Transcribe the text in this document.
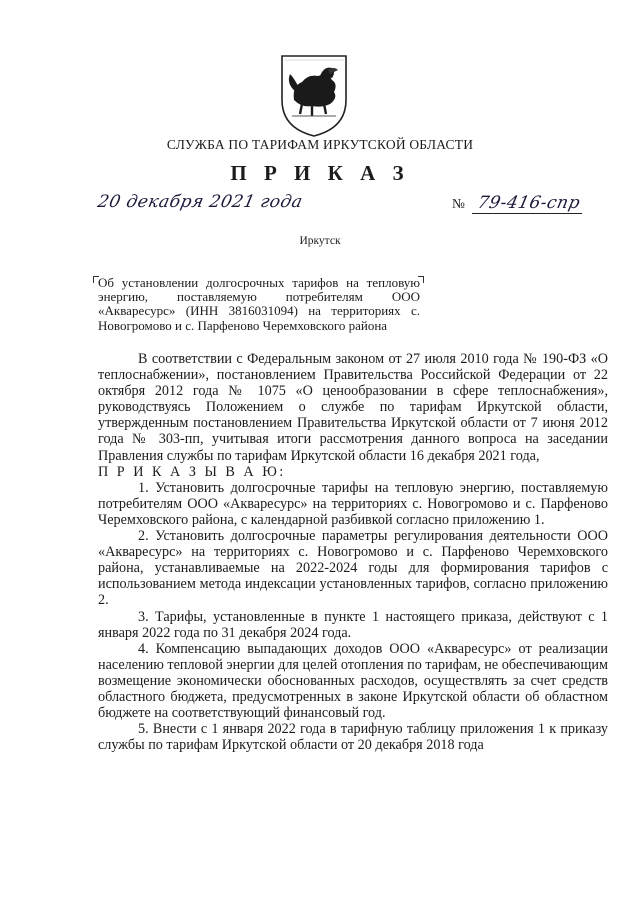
СЛУЖБА ПО ТАРИФАМ ИРКУТСКОЙ ОБЛАСТИ
П Р И К А З
20 декабря 2021 года	№ 79-416-спр
Иркутск
Об установлении долгосрочных тарифов на тепловую энергию, поставляемую потребителям ООО «Акваресурс» (ИНН 3816031094) на территориях с. Новогромово и с. Парфеново Черемховского района

В соответствии с Федеральным законом от 27 июля 2010 года № 190-ФЗ «О теплоснабжении», постановлением Правительства Российской Федерации от 22 октября 2012 года № 1075 «О ценообразовании в сфере теплоснабжения», руководствуясь Положением о службе по тарифам Иркутской области, утвержденным постановлением Правительства Иркутской области от 7 июня 2012 года № 303-пп, учитывая итоги рассмотрения данного вопроса на заседании Правления службы по тарифам Иркутской области 16 декабря 2021 года,

П Р И К А З Ы В А Ю:

1. Установить долгосрочные тарифы на тепловую энергию, поставляемую потребителям ООО «Акваресурс» на территориях с. Новогромово и с. Парфеново Черемховского района, с календарной разбивкой согласно приложению 1.

2. Установить долгосрочные параметры регулирования деятельности ООО «Акваресурс» на территориях с. Новогромово и с. Парфеново Черемховского района, устанавливаемые на 2022-2024 годы для формирования тарифов с использованием метода индексации установленных тарифов, согласно приложению 2.

3. Тарифы, установленные в пункте 1 настоящего приказа, действуют с 1 января 2022 года по 31 декабря 2024 года.

4. Компенсацию выпадающих доходов ООО «Акваресурс» от реализации населению тепловой энергии для целей отопления по тарифам, не обеспечивающим возмещение экономически обоснованных расходов, осуществлять за счет средств областного бюджета, предусмотренных в законе Иркутской области об областном бюджете на соответствующий финансовый год.

5. Внести с 1 января 2022 года в тарифную таблицу приложения 1 к приказу службы по тарифам Иркутской области от 20 декабря 2018 года
